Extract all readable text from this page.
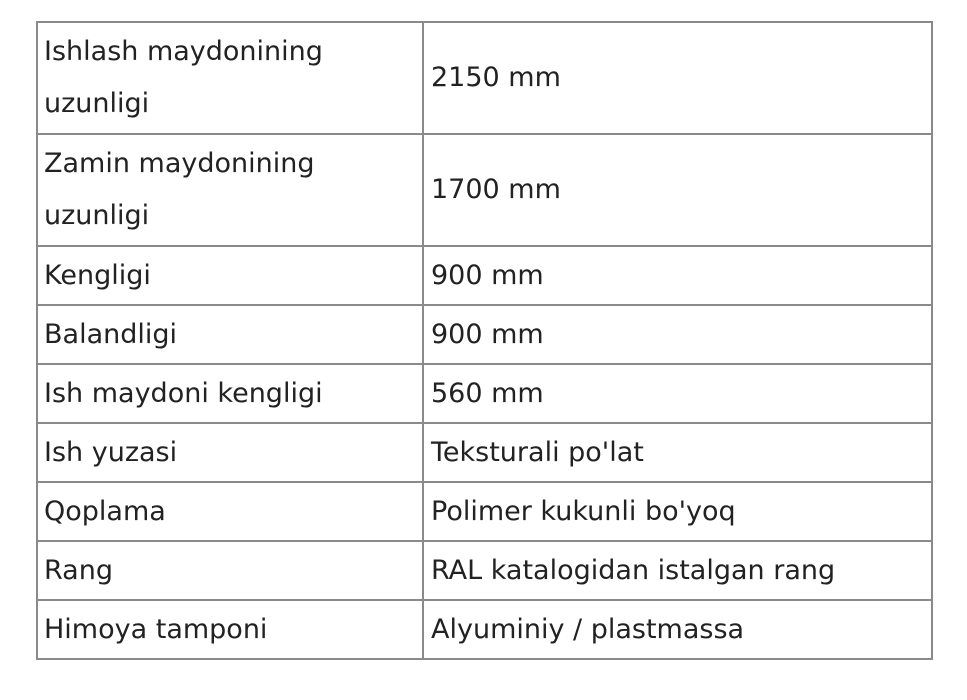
Ishlash maydonining uzunligi	2150 mm
Zamin maydonining uzunligi	1700 mm
Kengligi	900 mm
Balandligi	900 mm
Ish maydoni kengligi	560 mm
Ish yuzasi	Teksturali po'lat
Qoplama	Polimer kukunli bo'yoq
Rang	RAL katalogidan istalgan rang
Himoya tamponi	Alyuminiy / plastmassa
